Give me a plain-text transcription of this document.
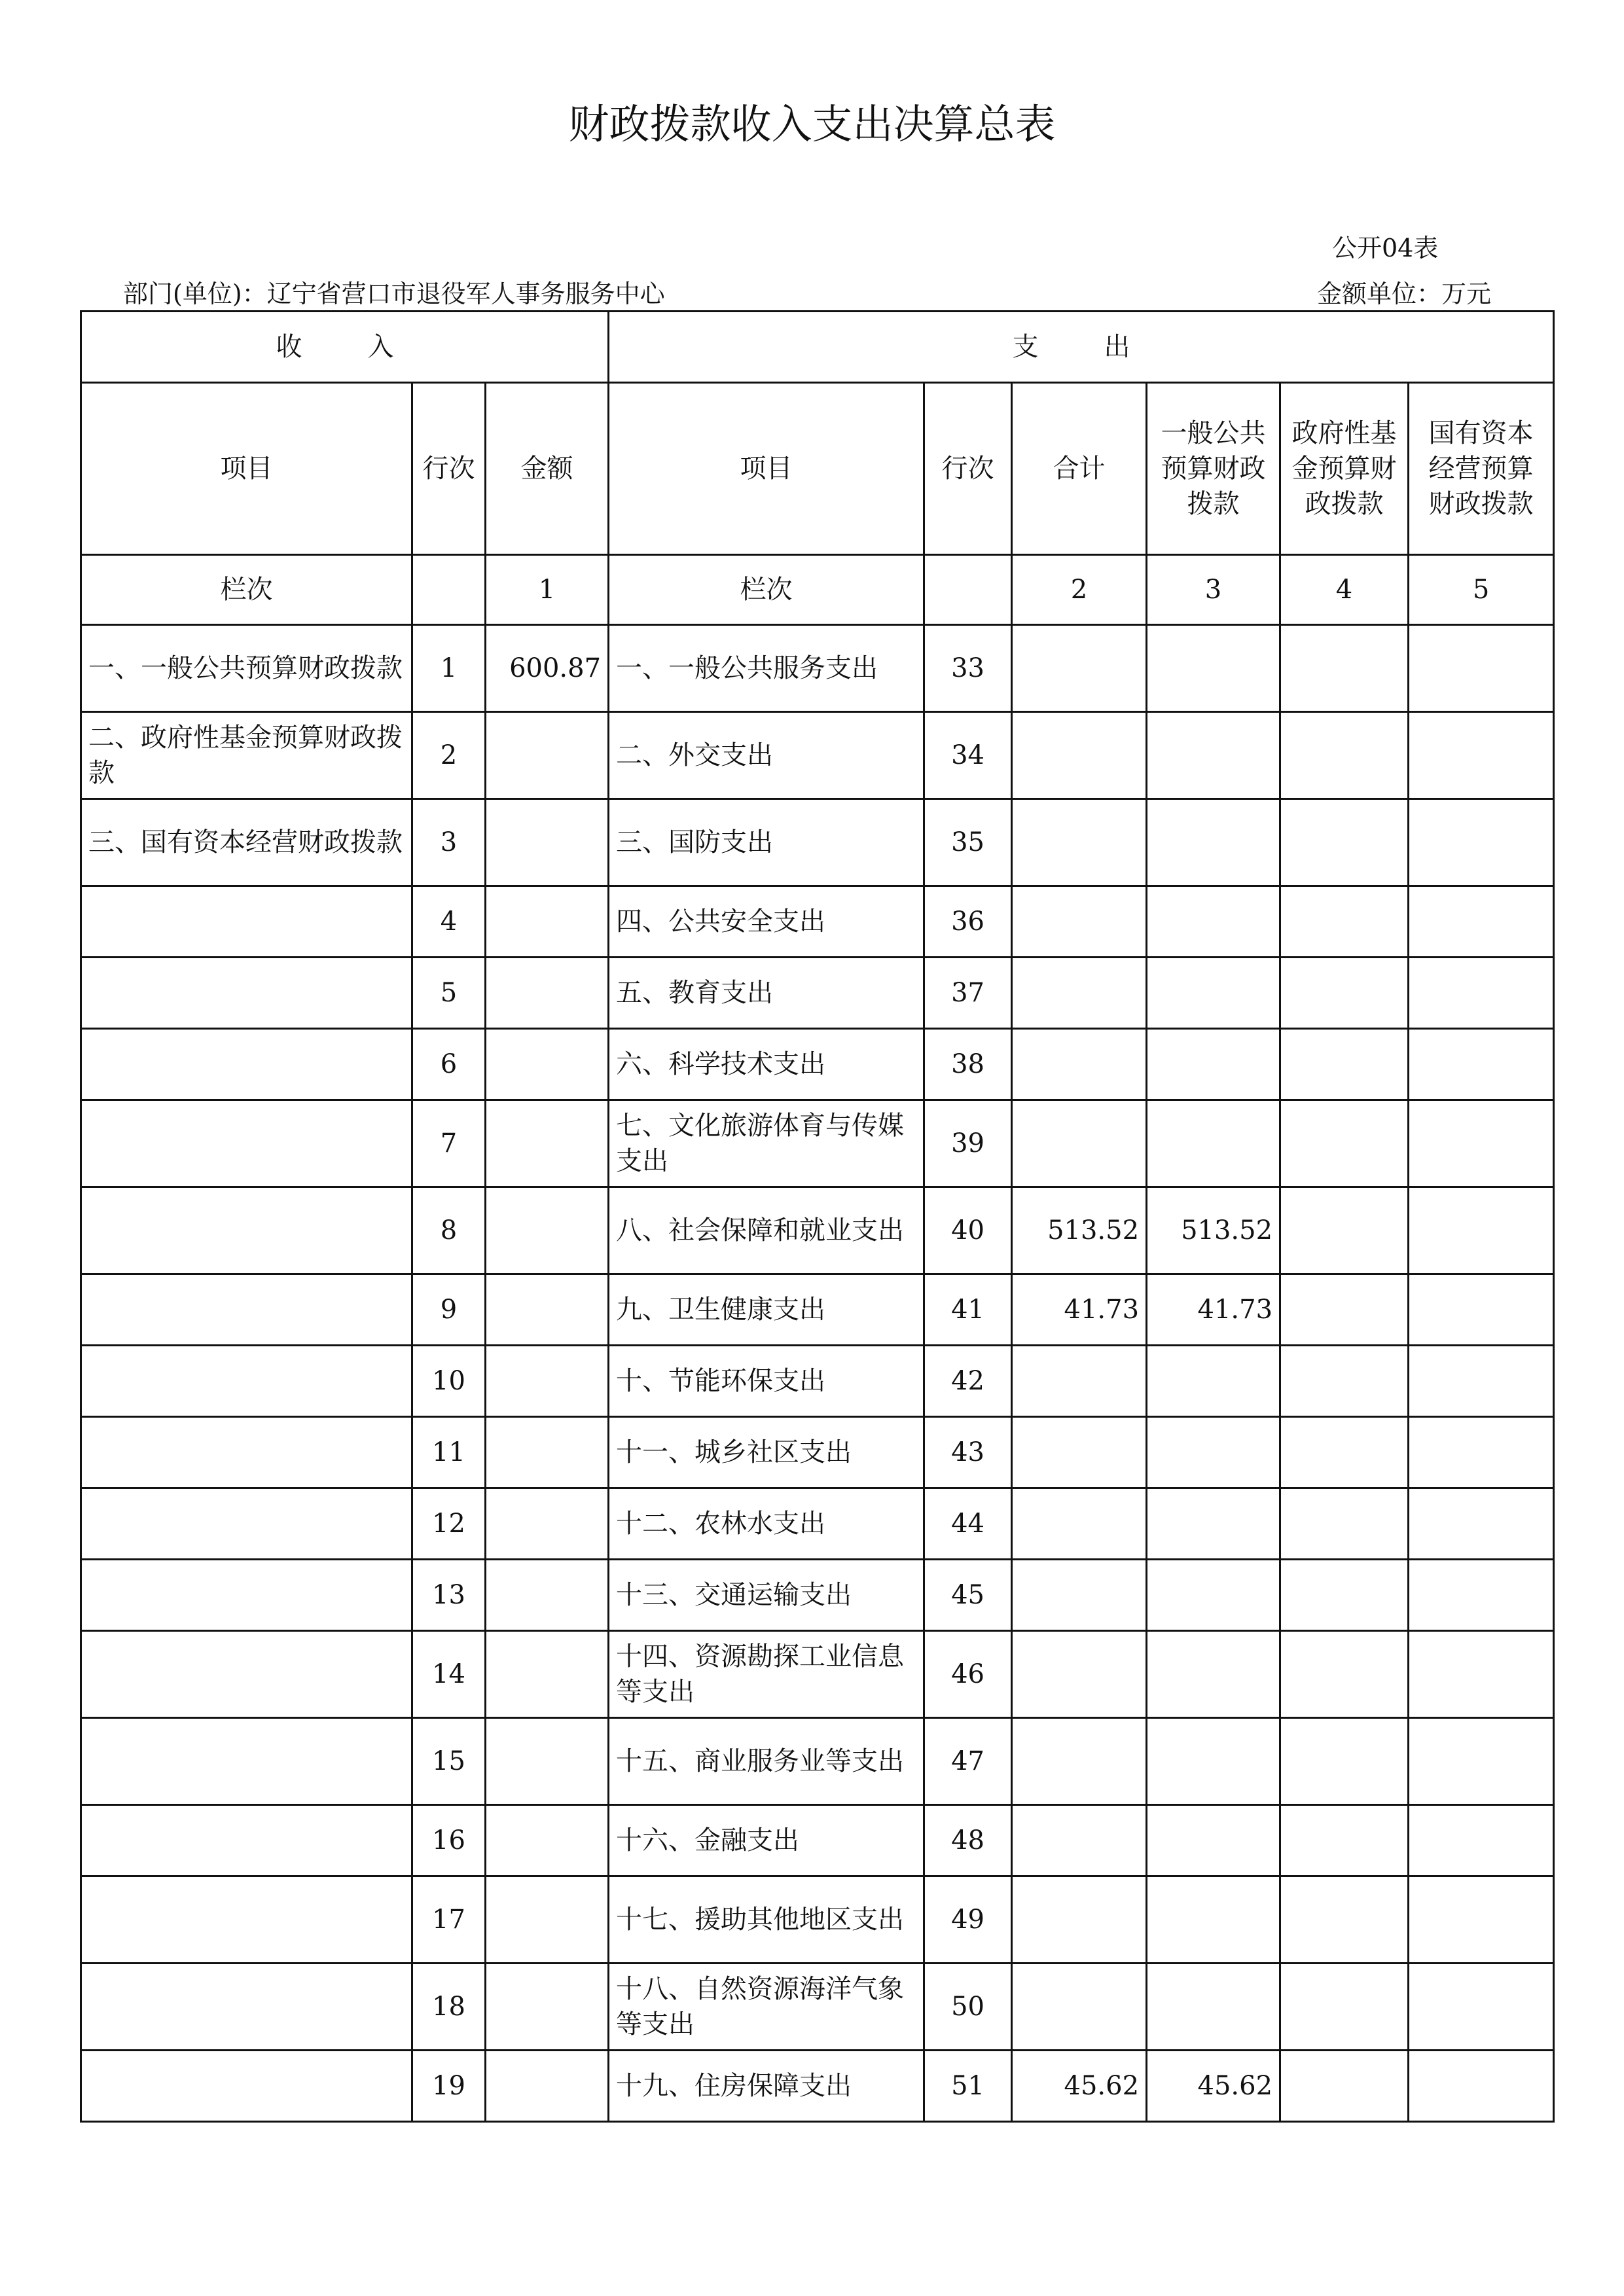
财政拨款收入支出决算总表
公开04表
部门(单位)：辽宁省营口市退役军人事务服务中心	金额单位：万元
收　入			支　出					
项目	行次	金额	项目	行次	合计	一般公共预算财政拨款	政府性基金预算财政拨款	国有资本经营预算财政拨款
栏次		1	栏次		2	3	4	5
一、一般公共预算财政拨款	1	600.87	一、一般公共服务支出	33				
二、政府性基金预算财政拨款	2		二、外交支出	34				
三、国有资本经营财政拨款	3		三、国防支出	35				
	4		四、公共安全支出	36				
	5		五、教育支出	37				
	6		六、科学技术支出	38				
	7		七、文化旅游体育与传媒支出	39				
	8		八、社会保障和就业支出	40	513.52	513.52		
	9		九、卫生健康支出	41	41.73	41.73		
	10		十、节能环保支出	42				
	11		十一、城乡社区支出	43				
	12		十二、农林水支出	44				
	13		十三、交通运输支出	45				
	14		十四、资源勘探工业信息等支出	46				
	15		十五、商业服务业等支出	47				
	16		十六、金融支出	48				
	17		十七、援助其他地区支出	49				
	18		十八、自然资源海洋气象等支出	50				
	19		十九、住房保障支出	51	45.62	45.62		
